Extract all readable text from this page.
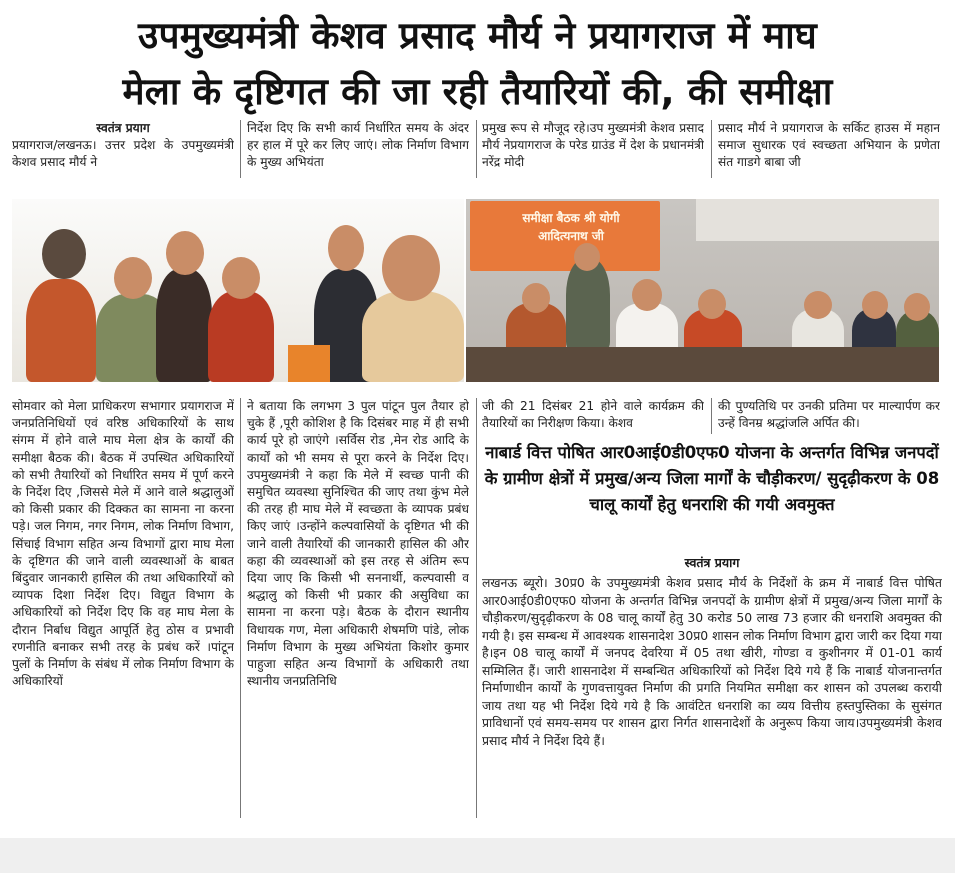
उपमुख्यमंत्री केशव प्रसाद मौर्य ने प्रयागराज में माघ
मेला के दृष्टिगत की जा रही तैयारियों की, की समीक्षा
स्वतंत्र प्रयाग
प्रयागराज/लखनऊ। उत्तर प्रदेश के उपमुख्यमंत्री केशव प्रसाद मौर्य ने
निर्देश दिए कि सभी कार्य निर्धारित समय के अंदर हर हाल में पूरे कर लिए जाएं। लोक निर्माण विभाग के मुख्य अभियंता
प्रमुख रूप से मौजूद रहे।उप मुख्यमंत्री केशव प्रसाद मौर्य नेप्रयागराज के परेड ग्राउंड में देश के प्रधानमंत्री नरेंद्र मोदी
प्रसाद मौर्य ने प्रयागराज के सर्किट हाउस में महान समाज सुधारक एवं स्वच्छता अभियान के प्रणेता संत गाडगे बाबा जी
समीक्षा बैठक श्री योगी आदित्यनाथ जी
सोमवार को मेला प्राधिकरण सभागार प्रयागराज में जनप्रतिनिधियों एवं वरिष्ठ अधिकारियों के साथ संगम में होने वाले माघ मेला क्षेत्र के कार्यों की समीक्षा बैठक की। बैठक में उपस्थित अधिकारियों को सभी तैयारियों को निर्धारित समय में पूर्ण करने के निर्देश दिए ,जिससे मेले में आने वाले श्रद्धालुओं को किसी प्रकार की दिक्कत का सामना ना करना पड़े। जल निगम, नगर निगम, लोक निर्माण विभाग, सिंचाई विभाग सहित अन्य विभागों द्वारा माघ मेला के दृष्टिगत की जाने वाली व्यवस्थाओं के बाबत बिंदुवार जानकारी हासिल की तथा अधिकारियों को व्यापक दिशा निर्देश दिए। विद्युत विभाग के अधिकारियों को निर्देश दिए कि वह माघ मेला के दौरान निर्बाध विद्युत आपूर्ति हेतु ठोस व प्रभावी रणनीति बनाकर सभी तरह के प्रबंध करें ।पांटून पुलों के निर्माण के संबंध में लोक निर्माण विभाग के अधिकारियों
ने बताया कि लगभग 3 पुल पांटून पुल तैयार हो चुके हैं ,पूरी कोशिश है कि दिसंबर माह में ही सभी कार्य पूरे हो जाएंगे ।सर्विस रोड ,मेन रोड आदि के कार्यों को भी समय से पूरा करने के निर्देश दिए। उपमुख्यमंत्री ने कहा कि मेले में स्वच्छ पानी की समुचित व्यवस्था सुनिश्चित की जाए तथा कुंभ मेले की तरह ही माघ मेले में स्वच्छता के व्यापक प्रबंध किए जाएं ।उन्होंने कल्पवासियों के दृष्टिगत भी की जाने वाली तैयारियों की जानकारी हासिल की और कहा की व्यवस्थाओं को इस तरह से अंतिम रूप दिया जाए कि किसी भी सननार्थी, कल्पवासी व श्रद्धालु को किसी भी प्रकार की असुविधा का सामना ना करना पड़े। बैठक के दौरान स्थानीय विधायक गण, मेला अधिकारी शेषमणि पांडे, लोक निर्माण विभाग के मुख्य अभियंता किशोर कुमार पाहुजा सहित अन्य विभागों के अधिकारी तथा स्थानीय जनप्रतिनिधि
जी की 21 दिसंबर 21 होने वाले कार्यक्रम की तैयारियों का निरीक्षण किया। केशव
की पुण्यतिथि पर उनकी प्रतिमा पर माल्यार्पण कर उन्हें विनम्र श्रद्धांजलि अर्पित की।
नाबार्ड वित्त पोषित आर0आई0डी0एफ0 योजना के अन्तर्गत विभिन्न जनपदों के ग्रामीण क्षेत्रों में प्रमुख/अन्य जिला मार्गों के चौड़ीकरण/ सुदृढ़ीकरण के 08 चालू कार्यों हेतु धनराशि की गयी अवमुक्त
स्वतंत्र प्रयाग
लखनऊ ब्यूरो। 30प्र0 के उपमुख्यमंत्री केशव प्रसाद मौर्य के निर्देशों के क्रम में नाबार्ड वित्त पोषित आर0आई0डी0एफ0 योजना के अन्तर्गत विभिन्न जनपदों के ग्रामीण क्षेत्रों में प्रमुख/अन्य जिला मार्गों के चौड़ीकरण/सुदृढ़ीकरण के 08 चालू कार्यों हेतु 30 करोड 50 लाख 73 हजार की धनराशि अवमुक्त की गयी है। इस सम्बन्ध में आवश्यक शासनादेश 30प्र0 शासन लोक निर्माण विभाग द्वारा जारी कर दिया गया है।इन 08 चालू कार्यों में जनपद देवरिया में 05 तथा खीरी, गोण्डा व कुशीनगर में 01-01 कार्य सम्मिलित हैं। जारी शासनादेश में सम्बन्धित अधिकारियों को निर्देश दिये गये हैं कि नाबार्ड योजनान्तर्गत निर्माणाधीन कार्यों के गुणवत्तायुक्त निर्माण की प्रगति नियमित समीक्षा कर शासन को उपलब्ध करायी जाय तथा यह भी निर्देश दिये गये है कि आवंटित धनराशि का व्यय वित्तीय हस्तपुस्तिका के सुसंगत प्राविधानों एवं समय-समय पर शासन द्वारा निर्गत शासनादेशों के अनुरूप किया जाय।उपमुख्यमंत्री केशव प्रसाद मौर्य ने निर्देश दिये हैं।
